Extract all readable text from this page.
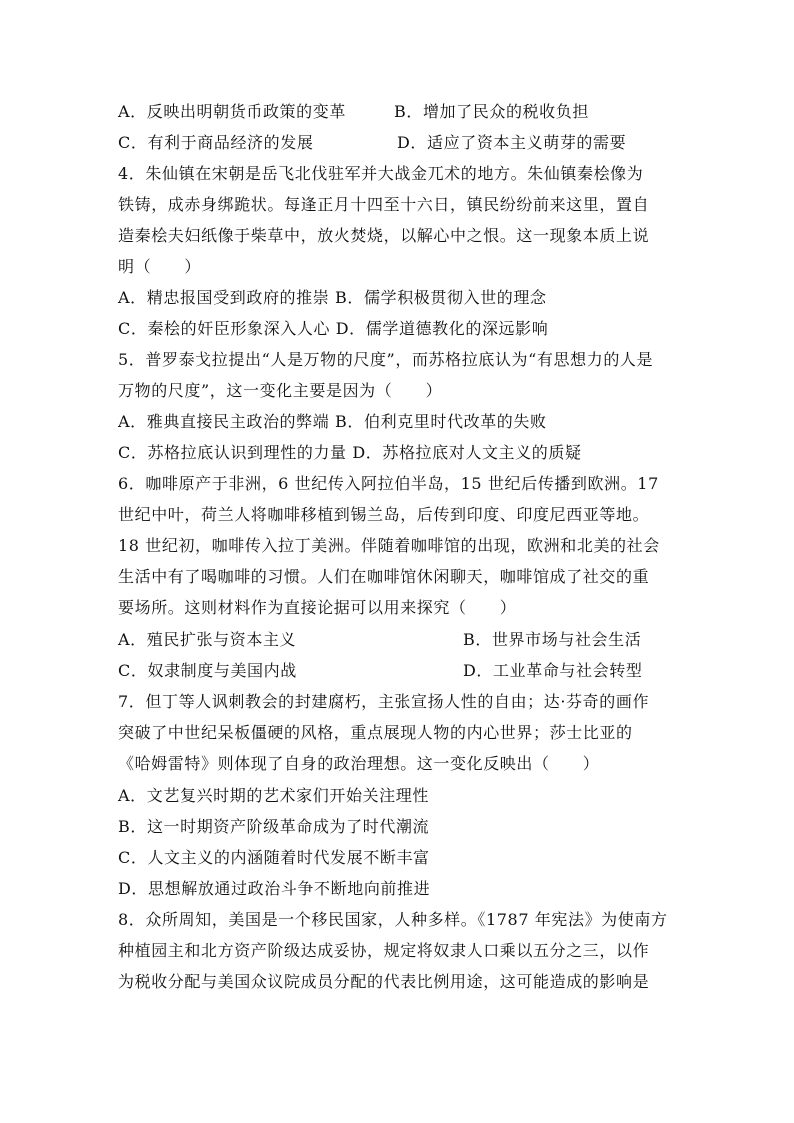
A．反映出明朝货币政策的变革	B．增加了民众的税收负担
C．有利于商品经济的发展	D．适应了资本主义萌芽的需要
4．朱仙镇在宋朝是岳飞北伐驻军并大战金兀术的地方。朱仙镇秦桧像为
铁铸，成赤身绑跪状。每逢正月十四至十六日，镇民纷纷前来这里，置自
造秦桧夫妇纸像于柴草中，放火焚烧，以解心中之恨。这一现象本质上说
明（　　）
A．精忠报国受到政府的推崇 B．儒学积极贯彻入世的理念
C．秦桧的奸臣形象深入人心 D．儒学道德教化的深远影响
5．普罗泰戈拉提出“人是万物的尺度”，而苏格拉底认为“有思想力的人是
万物的尺度”，这一变化主要是因为（　　）
A．雅典直接民主政治的弊端 B．伯利克里时代改革的失败
C．苏格拉底认识到理性的力量 D．苏格拉底对人文主义的质疑
6．咖啡原产于非洲，6 世纪传入阿拉伯半岛，15 世纪后传播到欧洲。17
世纪中叶，荷兰人将咖啡移植到锡兰岛，后传到印度、印度尼西亚等地。
18 世纪初，咖啡传入拉丁美洲。伴随着咖啡馆的出现，欧洲和北美的社会
生活中有了喝咖啡的习惯。人们在咖啡馆休闲聊天，咖啡馆成了社交的重
要场所。这则材料作为直接论据可以用来探究（　　）
A．殖民扩张与资本主义	B．世界市场与社会生活
C．奴隶制度与美国内战	D．工业革命与社会转型
7．但丁等人讽刺教会的封建腐朽，主张宣扬人性的自由；达·芬奇的画作
突破了中世纪呆板僵硬的风格，重点展现人物的内心世界；莎士比亚的
《哈姆雷特》则体现了自身的政治理想。这一变化反映出（　　）
A．文艺复兴时期的艺术家们开始关注理性
B．这一时期资产阶级革命成为了时代潮流
C．人文主义的内涵随着时代发展不断丰富
D．思想解放通过政治斗争不断地向前推进
8．众所周知，美国是一个移民国家，人种多样。《1787 年宪法》为使南方
种植园主和北方资产阶级达成妥协，规定将奴隶人口乘以五分之三，以作
为税收分配与美国众议院成员分配的代表比例用途，这可能造成的影响是
